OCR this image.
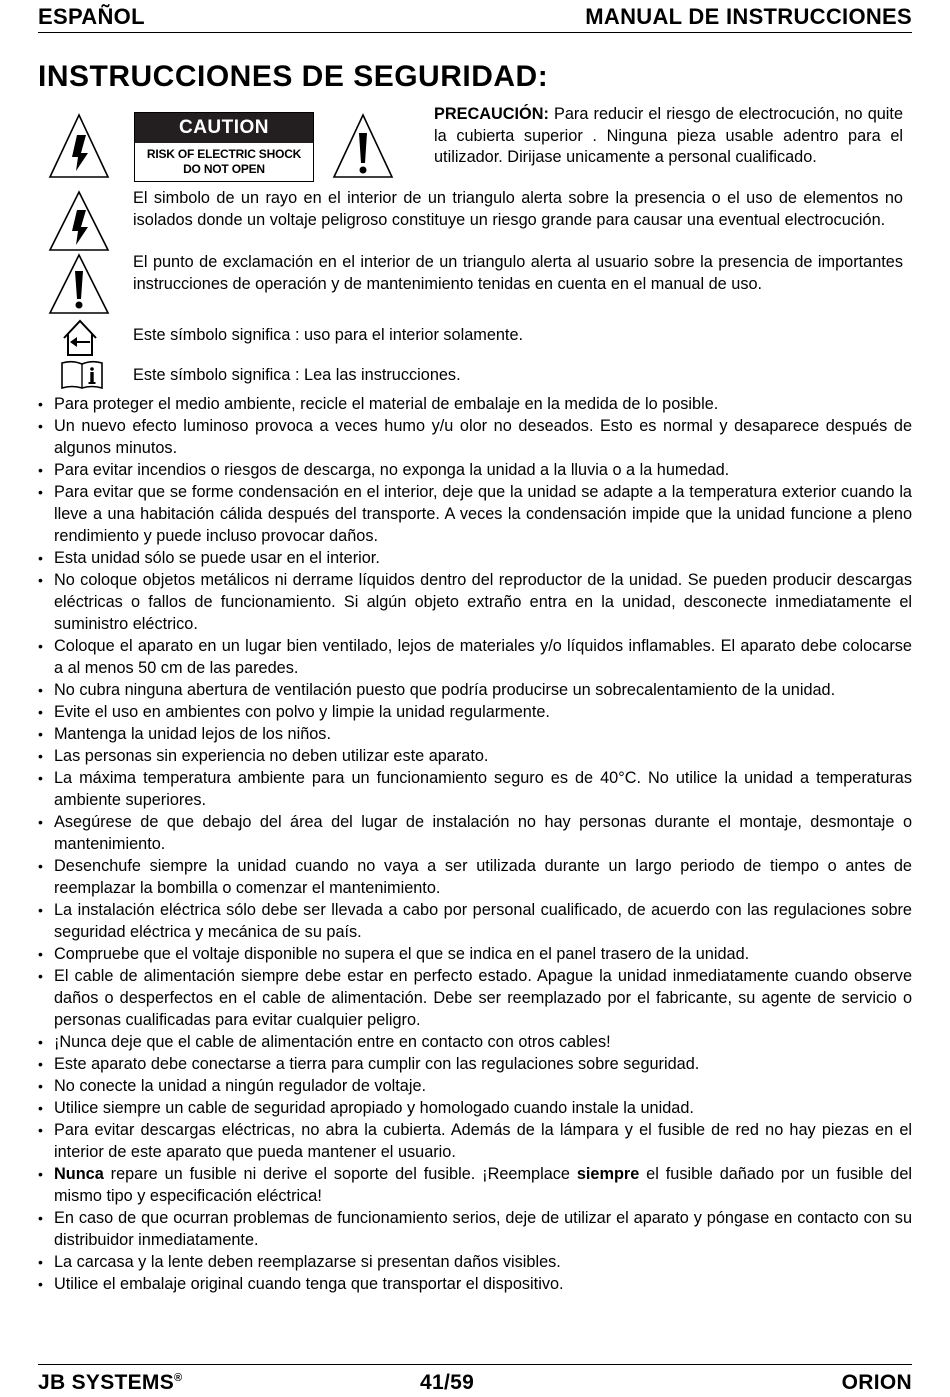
ESPAÑOL	MANUAL DE INSTRUCCIONES
INSTRUCCIONES DE SEGURIDAD:
CAUTION
RISK OF ELECTRIC SHOCK
DO NOT OPEN
PRECAUCIÓN: Para reducir el riesgo de electrocución, no quite la cubierta superior . Ninguna pieza usable adentro para el utilizador. Dirijase unicamente a personal cualificado.
El simbolo de un rayo en el interior de un triangulo alerta sobre la presencia o el uso de elementos no isolados donde un voltaje peligroso constituye un riesgo grande para causar una eventual electrocución.
El punto de exclamación en el interior de un triangulo alerta al usuario sobre la presencia de importantes instrucciones de operación y de mantenimiento tenidas en cuenta en el manual de uso.
Este símbolo significa : uso para el interior solamente.
Este símbolo significa : Lea las instrucciones.
• Para proteger el medio ambiente, recicle el material de embalaje en la medida de lo posible.
• Un nuevo efecto luminoso provoca a veces humo y/u olor no deseados. Esto es normal y desaparece después de algunos minutos.
• Para evitar incendios o riesgos de descarga, no exponga la unidad a la lluvia o a la humedad.
• Para evitar que se forme condensación en el interior, deje que la unidad se adapte a la temperatura exterior cuando la lleve a una habitación cálida después del transporte. A veces la condensación impide que la unidad funcione a pleno rendimiento y puede incluso provocar daños.
• Esta unidad sólo se puede usar en el interior.
• No coloque objetos metálicos ni derrame líquidos dentro del reproductor de la unidad. Se pueden producir descargas eléctricas o fallos de funcionamiento. Si algún objeto extraño entra en la unidad, desconecte inmediatamente el suministro eléctrico.
• Coloque el aparato en un lugar bien ventilado, lejos de materiales y/o líquidos inflamables. El aparato debe colocarse a al menos 50 cm de las paredes.
• No cubra ninguna abertura de ventilación puesto que podría producirse un sobrecalentamiento de la unidad.
• Evite el uso en ambientes con polvo y limpie la unidad regularmente.
• Mantenga la unidad lejos de los niños.
• Las personas sin experiencia no deben utilizar este aparato.
• La máxima temperatura ambiente para un funcionamiento seguro es de 40°C. No utilice la unidad a temperaturas ambiente superiores.
• Asegúrese de que debajo del área del lugar de instalación no hay personas durante el montaje, desmontaje o mantenimiento.
• Desenchufe siempre la unidad cuando no vaya a ser utilizada durante un largo periodo de tiempo o antes de reemplazar la bombilla o comenzar el mantenimiento.
• La instalación eléctrica sólo debe ser llevada a cabo por personal cualificado, de acuerdo con las regulaciones sobre seguridad eléctrica y mecánica de su país.
• Compruebe que el voltaje disponible no supera el que se indica en el panel trasero de la unidad.
• El cable de alimentación siempre debe estar en perfecto estado. Apague la unidad inmediatamente cuando observe daños o desperfectos en el cable de alimentación. Debe ser reemplazado por el fabricante, su agente de servicio o personas cualificadas para evitar cualquier peligro.
• ¡Nunca deje que el cable de alimentación entre en contacto con otros cables!
• Este aparato debe conectarse a tierra para cumplir con las regulaciones sobre seguridad.
• No conecte la unidad a ningún regulador de voltaje.
• Utilice siempre un cable de seguridad apropiado y homologado cuando instale la unidad.
• Para evitar descargas eléctricas, no abra la cubierta. Además de la lámpara y el fusible de red no hay piezas en el interior de este aparato que pueda mantener el usuario.
• Nunca repare un fusible ni derive el soporte del fusible. ¡Reemplace siempre el fusible dañado por un fusible del mismo tipo y especificación eléctrica!
• En caso de que ocurran problemas de funcionamiento serios, deje de utilizar el aparato y póngase en contacto con su distribuidor inmediatamente.
• La carcasa y la lente deben reemplazarse si presentan daños visibles.
• Utilice el embalaje original cuando tenga que transportar el dispositivo.
JB SYSTEMS®	41/59	ORION
